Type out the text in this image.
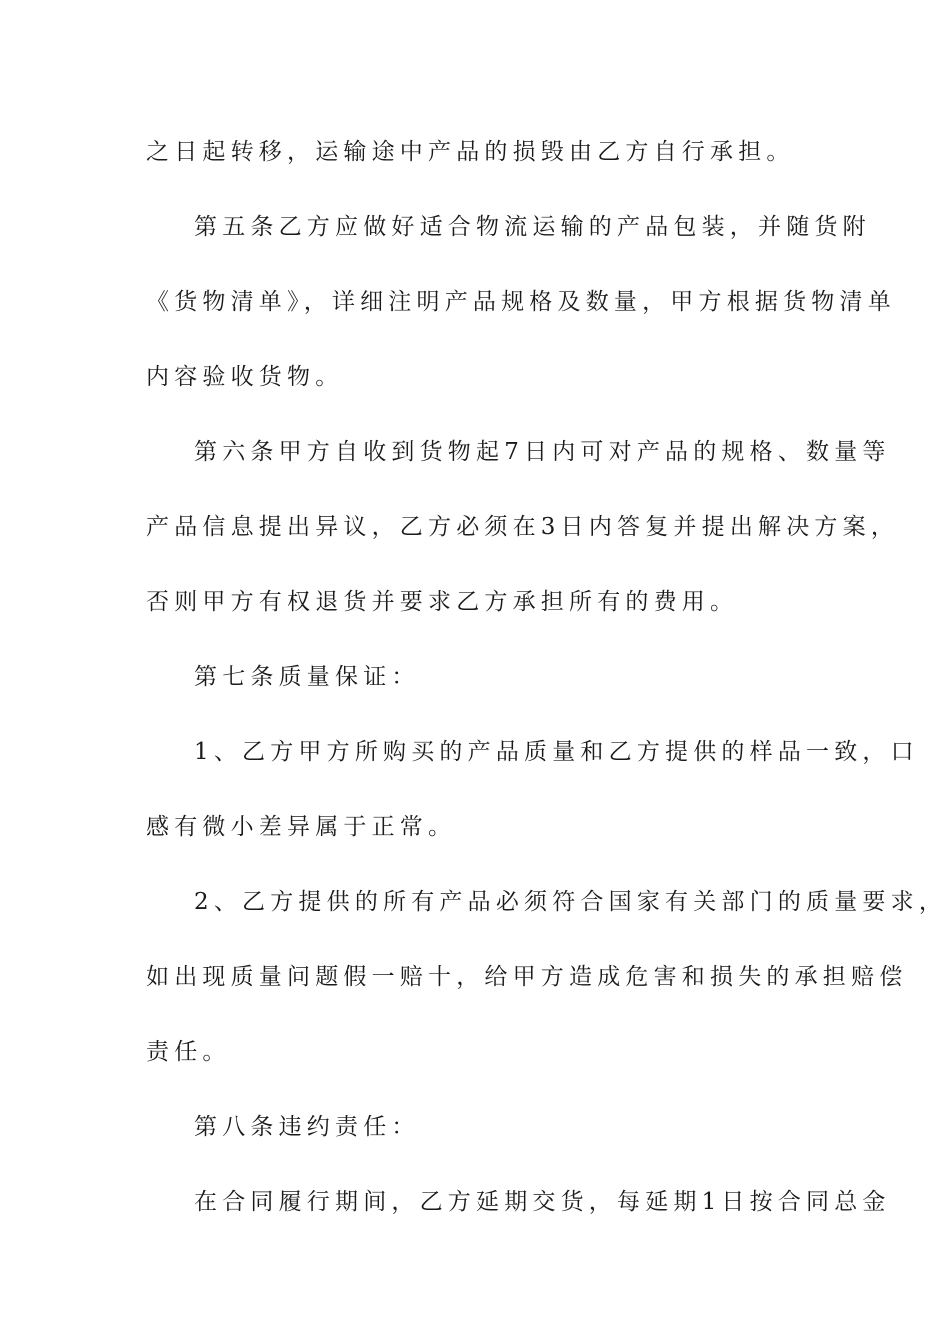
之日起转移，运输途中产品的损毁由乙方自行承担。
第五条乙方应做好适合物流运输的产品包装，并随货附
《货物清单》，详细注明产品规格及数量，甲方根据货物清单
内容验收货物。
第六条甲方自收到货物起7日内可对产品的规格、数量等
产品信息提出异议，乙方必须在3日内答复并提出解决方案，
否则甲方有权退货并要求乙方承担所有的费用。
第七条质量保证：
1、乙方甲方所购买的产品质量和乙方提供的样品一致，口
感有微小差异属于正常。
2、乙方提供的所有产品必须符合国家有关部门的质量要求，
如出现质量问题假一赔十，给甲方造成危害和损失的承担赔偿
责任。
第八条违约责任：
在合同履行期间，乙方延期交货，每延期1日按合同总金
